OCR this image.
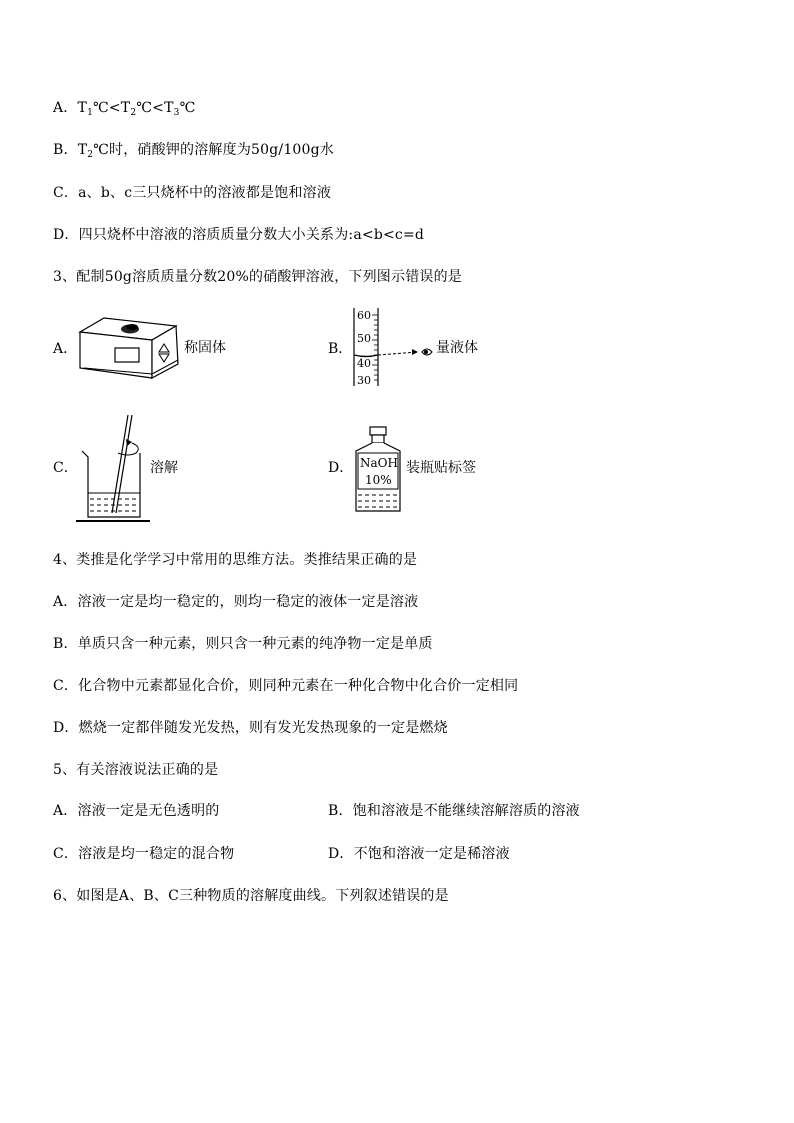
A．$T_1℃<T_2℃<T_3℃$
B．$T_2℃$时，硝酸钾的溶解度为50g/100g水
C．a、b、c三只烧杯中的溶液都是饱和溶液
D．四只烧杯中溶液的溶质质量分数大小关系为:a<b<c=d
3、配制50g溶质质量分数20%的硝酸钾溶液，下列图示错误的是
A．	称固体	B．
60
50
40
30
量液体
C．	溶解	D． NaOH
10%
装瓶贴标签
4、类推是化学学习中常用的思维方法。类推结果正确的是
A．溶液一定是均一稳定的，则均一稳定的液体一定是溶液
B．单质只含一种元素，则只含一种元素的纯净物一定是单质
C．化合物中元素都显化合价，则同种元素在一种化合物中化合价一定相同
D．燃烧一定都伴随发光发热，则有发光发热现象的一定是燃烧
5、有关溶液说法正确的是
A．溶液一定是无色透明的	B．饱和溶液是不能继续溶解溶质的溶液
C．溶液是均一稳定的混合物	D．不饱和溶液一定是稀溶液
6、如图是A、B、C三种物质的溶解度曲线。下列叙述错误的是
